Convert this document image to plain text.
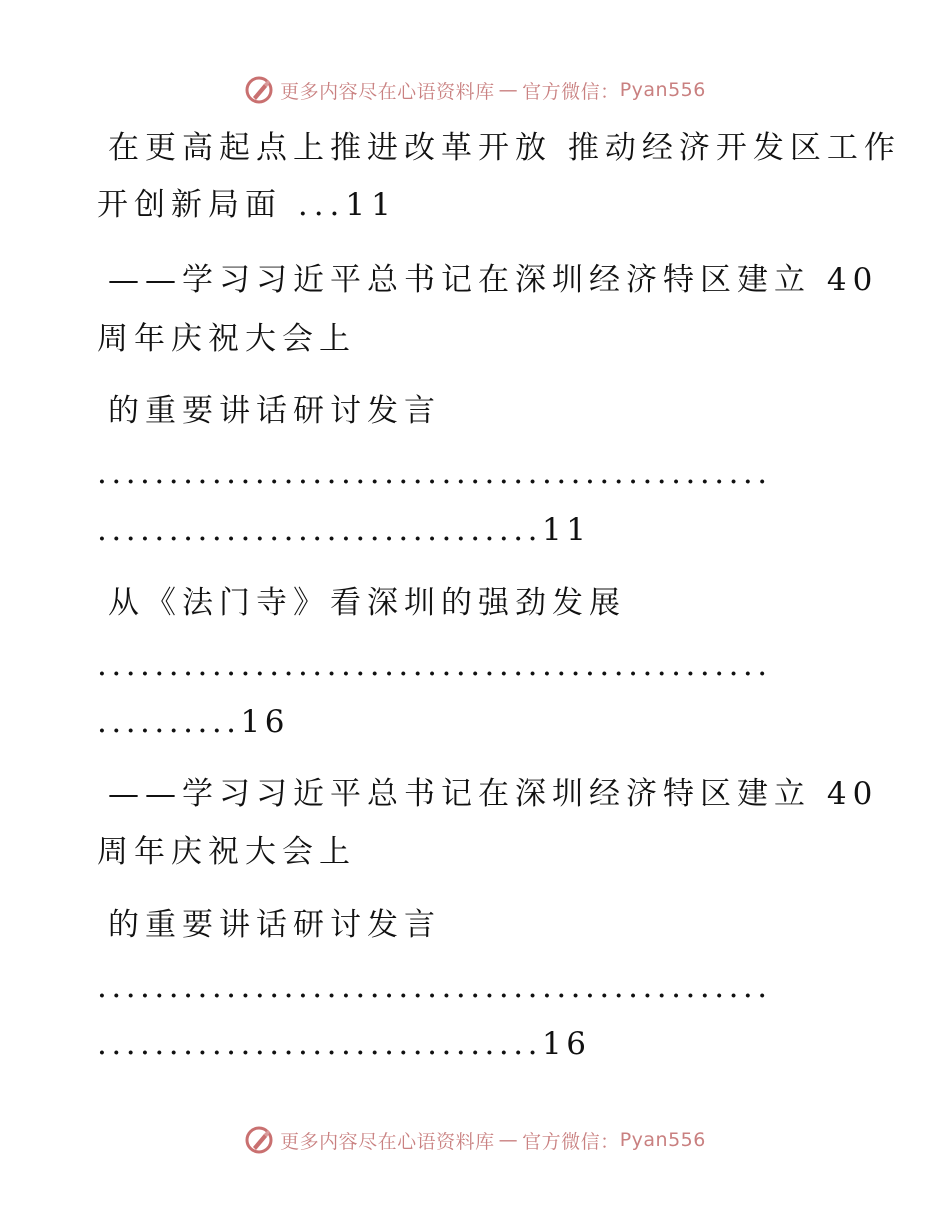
更多内容尽在心语资料库 — 官方微信： Pyan556
在更高起点上推进改革开放 推动经济开发区工作
开创新局面 ...11
——学习习近平总书记在深圳经济特区建立 40
周年庆祝大会上
的重要讲话研讨发言
...............................................
...............................11
从《法门寺》看深圳的强劲发展
...............................................
..........16
——学习习近平总书记在深圳经济特区建立 40
周年庆祝大会上
的重要讲话研讨发言
...............................................
...............................16
更多内容尽在心语资料库 — 官方微信： Pyan556
